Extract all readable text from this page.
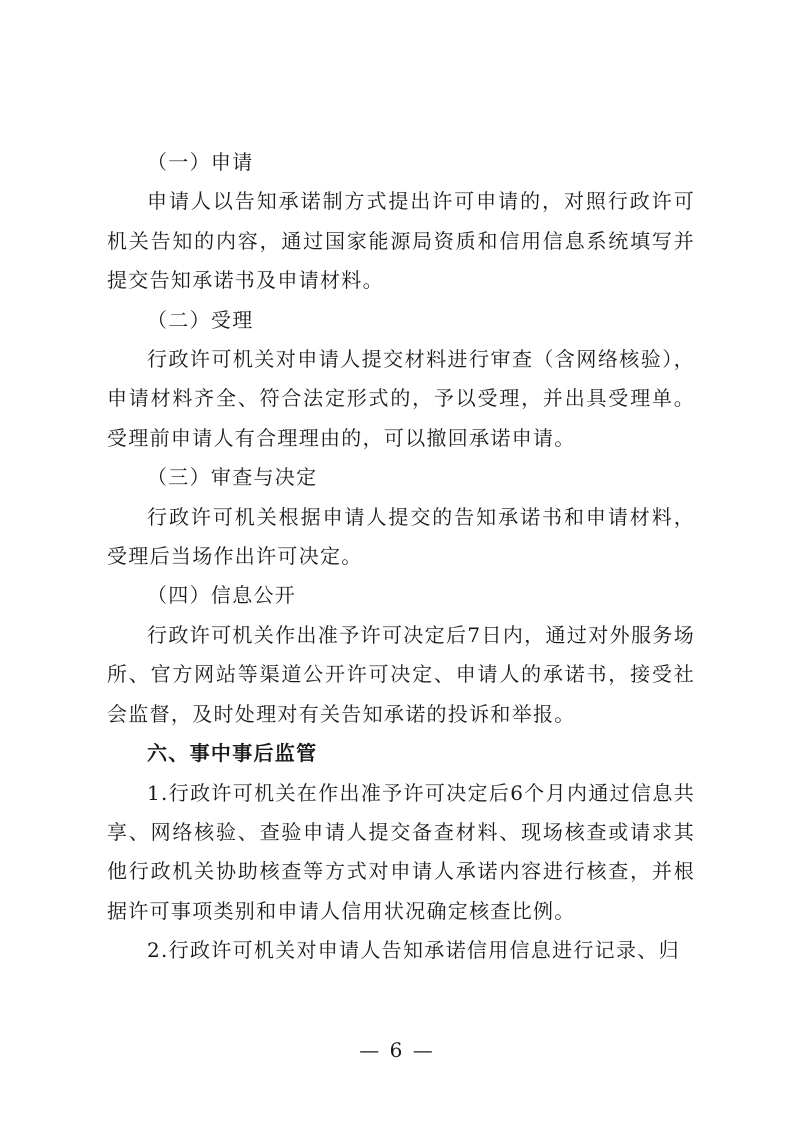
（一）申请

申请人以告知承诺制方式提出许可申请的，对照行政许可机关告知的内容，通过国家能源局资质和信用信息系统填写并提交告知承诺书及申请材料。

（二）受理

行政许可机关对申请人提交材料进行审查（含网络核验），申请材料齐全、符合法定形式的，予以受理，并出具受理单。受理前申请人有合理理由的，可以撤回承诺申请。

（三）审查与决定

行政许可机关根据申请人提交的告知承诺书和申请材料，受理后当场作出许可决定。

（四）信息公开

行政许可机关作出准予许可决定后7日内，通过对外服务场所、官方网站等渠道公开许可决定、申请人的承诺书，接受社会监督，及时处理对有关告知承诺的投诉和举报。

六、事中事后监管

1.行政许可机关在作出准予许可决定后6个月内通过信息共享、网络核验、查验申请人提交备查材料、现场核查或请求其他行政机关协助核查等方式对申请人承诺内容进行核查，并根据许可事项类别和申请人信用状况确定核查比例。

2.行政许可机关对申请人告知承诺信用信息进行记录、归

— 6 —
